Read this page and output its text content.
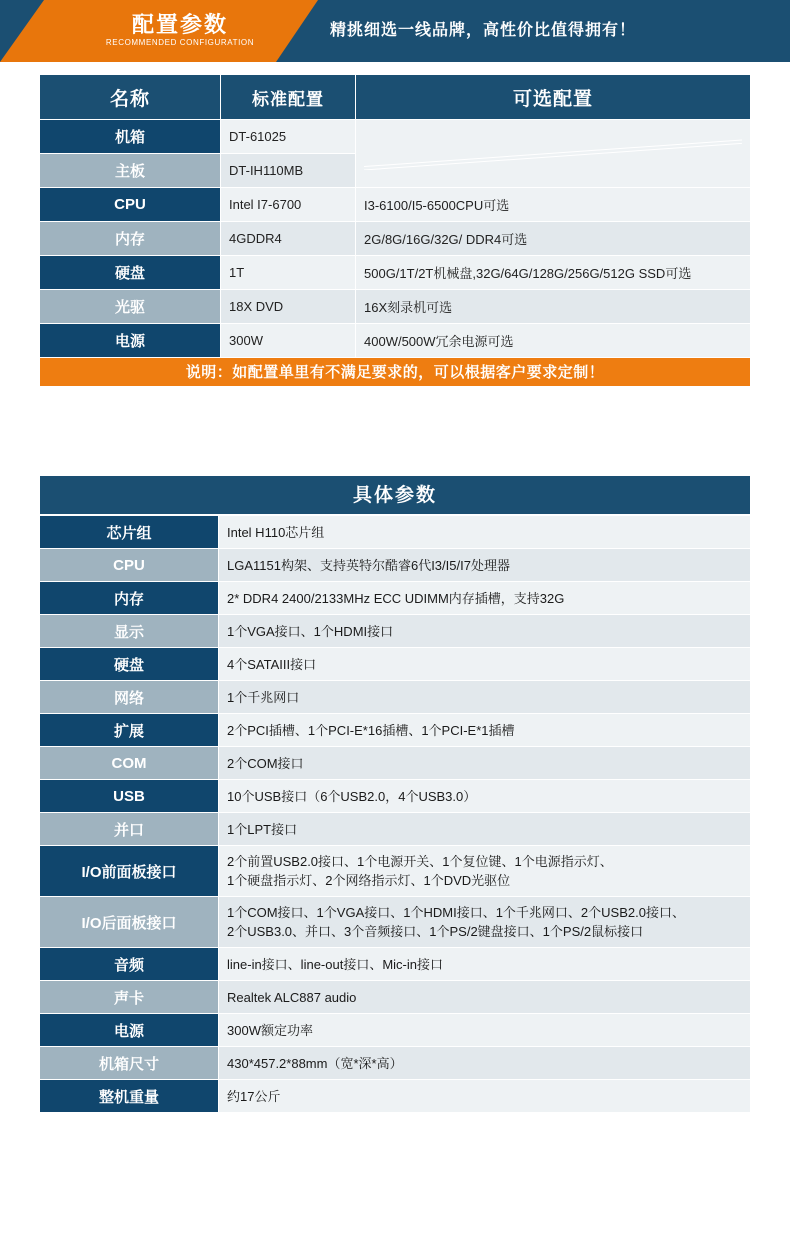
配置参数
RECOMMENDED CONFIGURATION
精挑细选一线品牌，高性价比值得拥有！
名称	标准配置	可选配置
机箱	DT-61025	

主板	DT-IH110MB	
CPU	Intel I7-6700	I3-6100/I5-6500CPU可选
内存	4GDDR4	2G/8G/16G/32G/ DDR4可选
硬盘	1T	500G/1T/2T机械盘,32G/64G/128G/256G/512G SSD可选
光驱	18X DVD	16X刻录机可选
电源	300W	400W/500W冗余电源可选
说明：如配置单里有不满足要求的，可以根据客户要求定制！
具体参数
芯片组	Intel H110芯片组

CPU	LGA1151构架、支持英特尔酷睿6代I3/I5/I7处理器

内存	2* DDR4 2400/2133MHz ECC UDIMM内存插槽，支持32G

显示	1个VGA接口、1个HDMI接口

硬盘	4个SATAIII接口

网络	1个千兆网口

扩展	2个PCI插槽、1个PCI-E*16插槽、1个PCI-E*1插槽

COM	2个COM接口

USB	10个USB接口（6个USB2.0，4个USB3.0）

并口	1个LPT接口

I/O前面板接口	2个前置USB2.0接口、1个电源开关、1个复位键、1个电源指示灯、
1个硬盘指示灯、2个网络指示灯、1个DVD光驱位

I/O后面板接口	1个COM接口、1个VGA接口、1个HDMI接口、1个千兆网口、2个USB2.0接口、
2个USB3.0、并口、3个音频接口、1个PS/2键盘接口、1个PS/2鼠标接口

音频	line-in接口、line-out接口、Mic-in接口

声卡	Realtek ALC887 audio

电源	300W额定功率

机箱尺寸	430*457.2*88mm（宽*深*高）

整机重量	约17公斤
